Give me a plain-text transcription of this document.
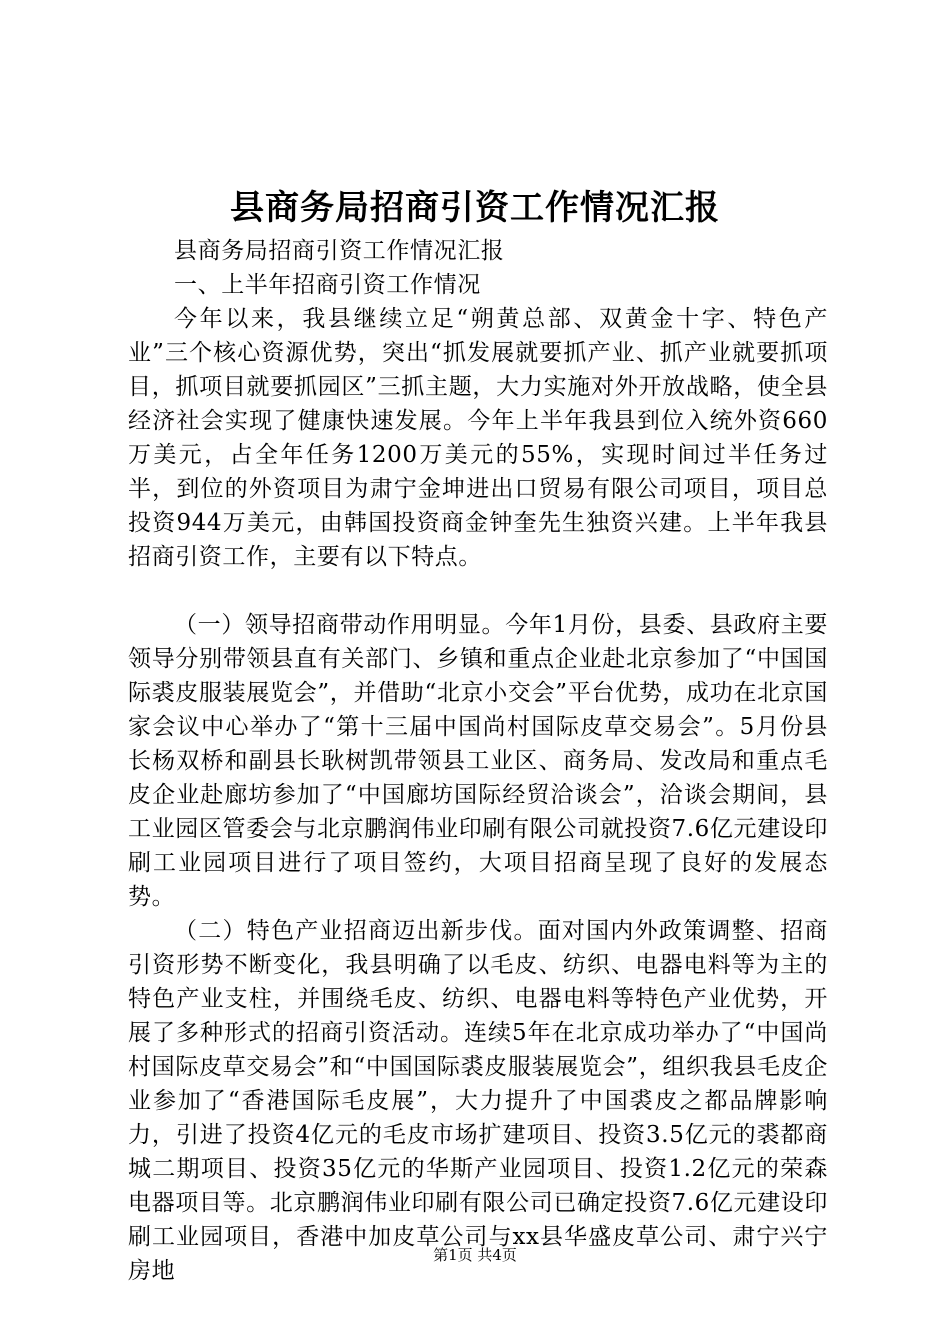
县商务局招商引资工作情况汇报

县商务局招商引资工作情况汇报

一、上半年招商引资工作情况

今年以来，我县继续立足“朔黄总部、双黄金十字、特色产业”三个核心资源优势，突出“抓发展就要抓产业、抓产业就要抓项目，抓项目就要抓园区”三抓主题，大力实施对外开放战略，使全县经济社会实现了健康快速发展。今年上半年我县到位入统外资660万美元，占全年任务1200万美元的55%，实现时间过半任务过半，到位的外资项目为肃宁金坤进出口贸易有限公司项目，项目总投资944万美元，由韩国投资商金钟奎先生独资兴建。上半年我县招商引资工作，主要有以下特点。

（一）领导招商带动作用明显。今年1月份，县委、县政府主要领导分别带领县直有关部门、乡镇和重点企业赴北京参加了“中国国际裘皮服装展览会”，并借助“北京小交会”平台优势，成功在北京国家会议中心举办了“第十三届中国尚村国际皮草交易会”。5月份县长杨双桥和副县长耿树凯带领县工业区、商务局、发改局和重点毛皮企业赴廊坊参加了“中国廊坊国际经贸洽谈会”，洽谈会期间，县工业园区管委会与北京鹏润伟业印刷有限公司就投资7.6亿元建设印刷工业园项目进行了项目签约，大项目招商呈现了良好的发展态势。

（二）特色产业招商迈出新步伐。面对国内外政策调整、招商引资形势不断变化，我县明确了以毛皮、纺织、电器电料等为主的特色产业支柱，并围绕毛皮、纺织、电器电料等特色产业优势，开展了多种形式的招商引资活动。连续5年在北京成功举办了“中国尚村国际皮草交易会”和“中国国际裘皮服装展览会”，组织我县毛皮企业参加了“香港国际毛皮展”，大力提升了中国裘皮之都品牌影响力，引进了投资4亿元的毛皮市场扩建项目、投资3.5亿元的裘都商城二期项目、投资35亿元的华斯产业园项目、投资1.2亿元的荣森电器项目等。北京鹏润伟业印刷有限公司已确定投资7.6亿元建设印刷工业园项目，香港中加皮草公司与xx县华盛皮草公司、肃宁兴宁房地

第1页 共4页
